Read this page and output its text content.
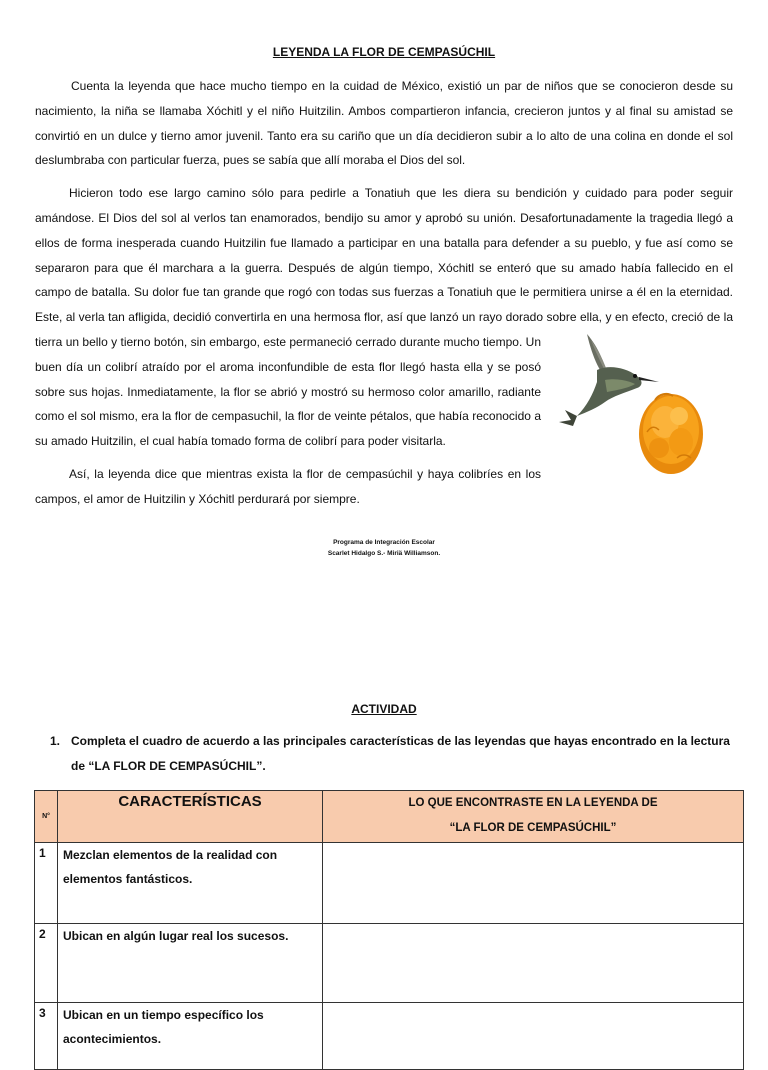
LEYENDA LA FLOR DE CEMPASÚCHIL

Cuenta la leyenda que hace mucho tiempo en la cuidad de México, existió un par de niños que se conocieron desde su nacimiento, la niña se llamaba Xóchitl y el niño Huitzilin. Ambos compartieron infancia, crecieron juntos y al final su amistad se convirtió en un dulce y tierno amor juvenil. Tanto era su cariño que un día decidieron subir a lo alto de una colina en donde el sol deslumbraba con particular fuerza, pues se sabía que allí moraba el Dios del sol.

Hicieron todo ese largo camino sólo para pedirle a Tonatiuh que les diera su bendición y cuidado para poder seguir amándose. El Dios del sol al verlos tan enamorados, bendijo su amor y aprobó su unión. Desafortunadamente la tragedia llegó a ellos de forma inesperada cuando Huitzilin fue llamado a participar en una batalla para defender a su pueblo, y fue así como se separaron para que él marchara a la guerra. Después de algún tiempo, Xóchitl se enteró que su amado había fallecido en el campo de batalla. Su dolor fue tan grande que rogó con todas sus fuerzas a Tonatiuh que le permitiera unirse a él en la eternidad. Este, al verla tan afligida, decidió convertirla en una hermosa flor, así que lanzó un rayo dorado sobre ella, y en efecto, creció
de la tierra un bello y tierno botón, sin embargo, este permaneció cerrado durante mucho tiempo. Un buen día un colibrí atraído por el aroma inconfundible de esta flor llegó hasta ella y se posó sobre sus hojas. Inmediatamente, la flor se abrió y mostró su hermoso color amarillo, radiante como el sol mismo, era la flor de cempasuchil, la flor de veinte pétalos, que había reconocido a su amado Huitzilin, el cual había tomado forma de colibrí para poder visitarla.

Así, la leyenda dice que mientras exista la flor de cempasúchil y haya colibríes en los campos, el amor de Huitzilin y Xóchitl perdurará por siempre.

Programa de Integración Escolar
Scarlet Hidalgo S.- Miriä Williamson.
ACTIVIDAD
1. Completa el cuadro de acuerdo a las principales características de las leyendas que hayas encontrado en la lectura de “LA FLOR DE CEMPASÚCHIL”.
N°	CARACTERÍSTICAS	LO QUE ENCONTRASTE EN LA LEYENDA DE
“LA FLOR DE CEMPASÚCHIL”

1	Mezclan elementos de la realidad con elementos fantásticos.	
2	Ubican en algún lugar real los sucesos.	
3	Ubican en un tiempo específico los acontecimientos.	
